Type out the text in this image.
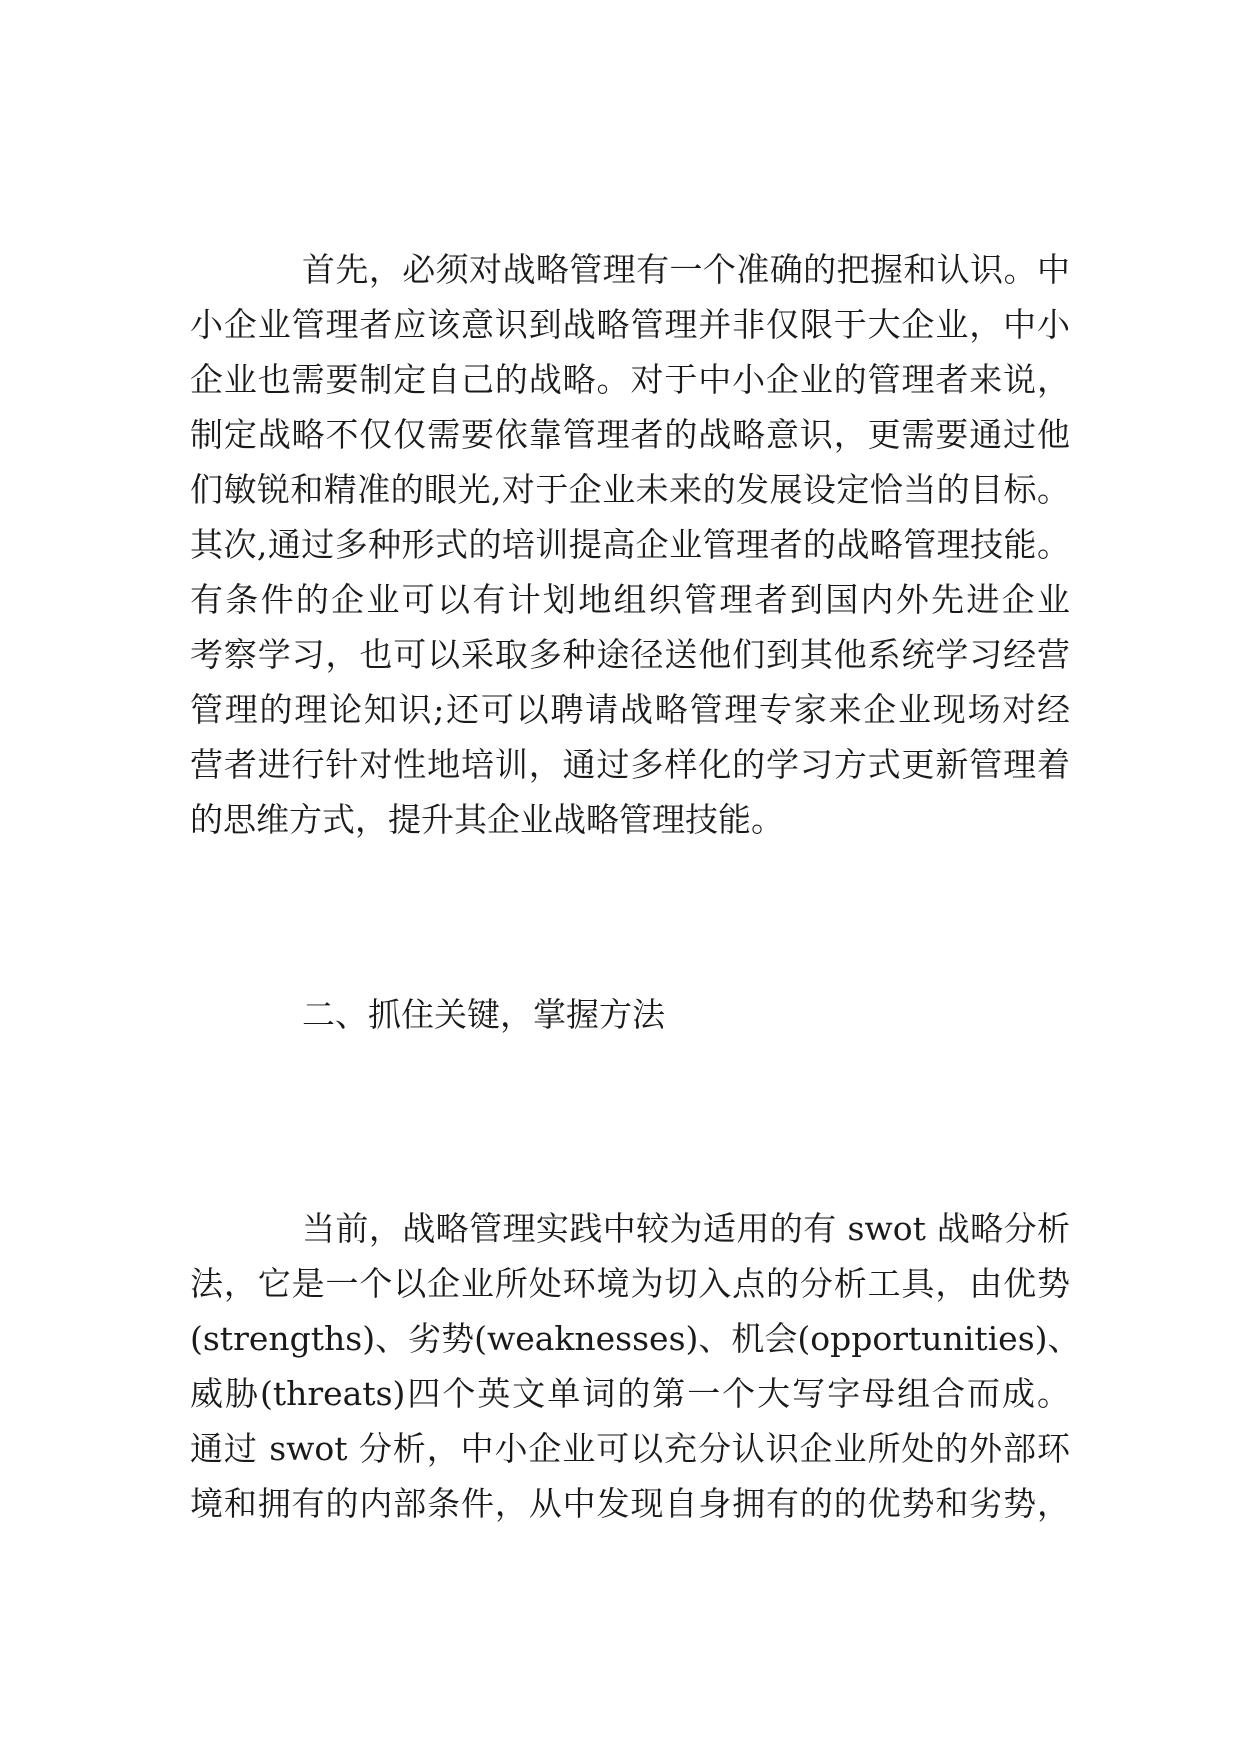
首先，必须对战略管理有一个准确的把握和认识。中

小企业管理者应该意识到战略管理并非仅限于大企业，中小

企业也需要制定自己的战略。对于中小企业的管理者来说，

制定战略不仅仅需要依靠管理者的战略意识，更需要通过他

们敏锐和精准的眼光,对于企业未来的发展设定恰当的目标。

其次,通过多种形式的培训提高企业管理者的战略管理技能。

有条件的企业可以有计划地组织管理者到国内外先进企业

考察学习，也可以采取多种途径送他们到其他系统学习经营

管理的理论知识;还可以聘请战略管理专家来企业现场对经

营者进行针对性地培训，通过多样化的学习方式更新管理着

的思维方式，提升其企业战略管理技能。

二、抓住关键，掌握方法

当前，战略管理实践中较为适用的有 swot 战略分析

法，它是一个以企业所处环境为切入点的分析工具，由优势

(strengths)、劣势(weaknesses)、机会(opportunities)、

威胁(threats)四个英文单词的第一个大写字母组合而成。

通过 swot 分析，中小企业可以充分认识企业所处的外部环

境和拥有的内部条件，从中发现自身拥有的的优势和劣势，
